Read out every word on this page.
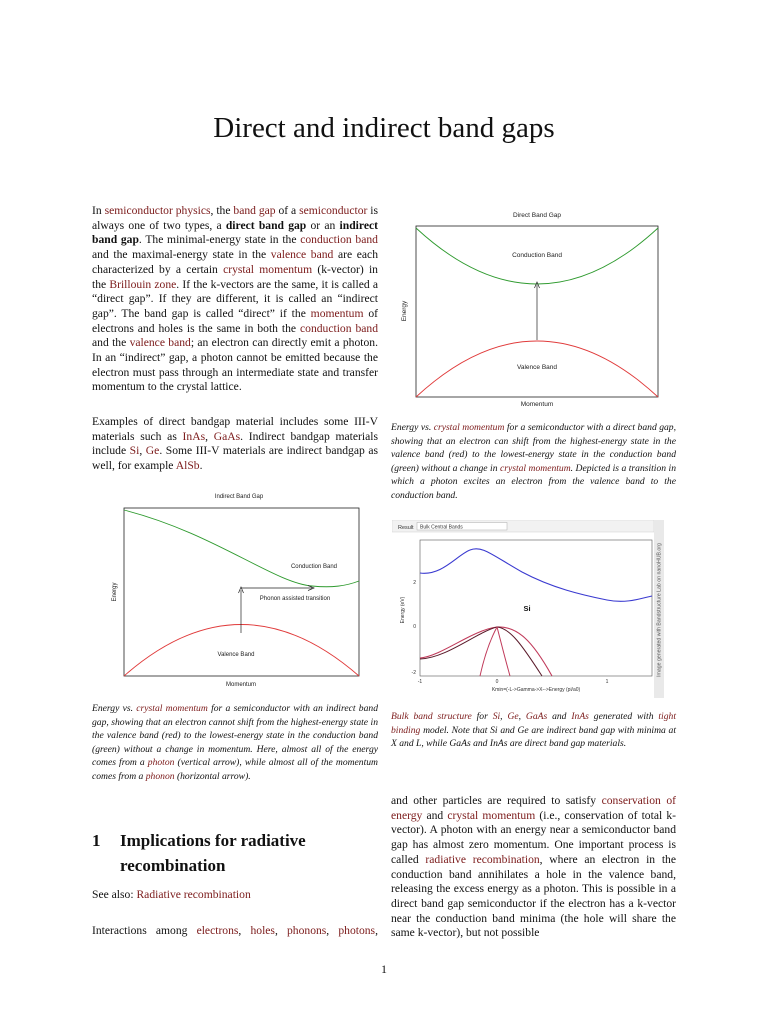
Direct and indirect band gaps

In semiconductor physics, the band gap of a semiconductor is always one of two types, a direct band gap or an indirect band gap. The minimal-energy state in the conduction band and the maximal-energy state in the valence band are each characterized by a certain crystal momentum (k-vector) in the Brillouin zone. If the k-vectors are the same, it is called a “direct gap”. If they are different, it is called an “indirect gap”. The band gap is called “direct” if the momentum of electrons and holes is the same in both the conduction band and the valence band; an electron can directly emit a photon. In an “indirect” gap, a photon cannot be emitted because the electron must pass through an intermediate state and transfer momentum to the crystal lattice.

Examples of direct bandgap material includes some III-V materials such as InAs, GaAs. Indirect bandgap materials include Si, Ge. Some III-V materials are indirect bandgap as well, for example AlSb.

Direct Band Gap
Conduction Band
Valence Band
Momentum
Energy
Energy vs. crystal momentum for a semiconductor with a direct band gap, showing that an electron can shift from the highest-energy state in the valence band (red) to the lowest-energy state in the conduction band (green) without a change in crystal momentum. Depicted is a transition in which a photon excites an electron from the valence band to the conduction band.
Indirect Band Gap
Conduction Band
Phonon assisted transition
Valence Band
Momentum
Energy
Energy vs. crystal momentum for a semiconductor with an indirect band gap, showing that an electron cannot shift from the highest-energy state in the valence band (red) to the lowest-energy state in the conduction band (green) without a change in momentum. Here, almost all of the energy comes from a photon (vertical arrow), while almost all of the momentum comes from a phonon (horizontal arrow).
Result Bulk Central Bands
Image generated with Bandstructure Lab on nanoHUB.org
Si
2
0
-2
-1	0	1
Kmin=(-L->Gamma->X-->Energy (pi/a0)
Energy (eV)
Bulk band structure for Si, Ge, GaAs and InAs generated with tight binding model. Note that Si and Ge are indirect band gap with minima at X and L, while GaAs and InAs are direct band gap materials.
1	Implications for radiative recombination
See also: Radiative recombination
Interactions among electrons, holes, phonons, photons,
and other particles are required to satisfy conservation of energy and crystal momentum (i.e., conservation of total k-vector). A photon with an energy near a semiconductor band gap has almost zero momentum. One important process is called radiative recombination, where an electron in the conduction band annihilates a hole in the valence band, releasing the excess energy as a photon. This is possible in a direct band gap semiconductor if the electron has a k-vector near the conduction band minima (the hole will share the same k-vector), but not possible
1
